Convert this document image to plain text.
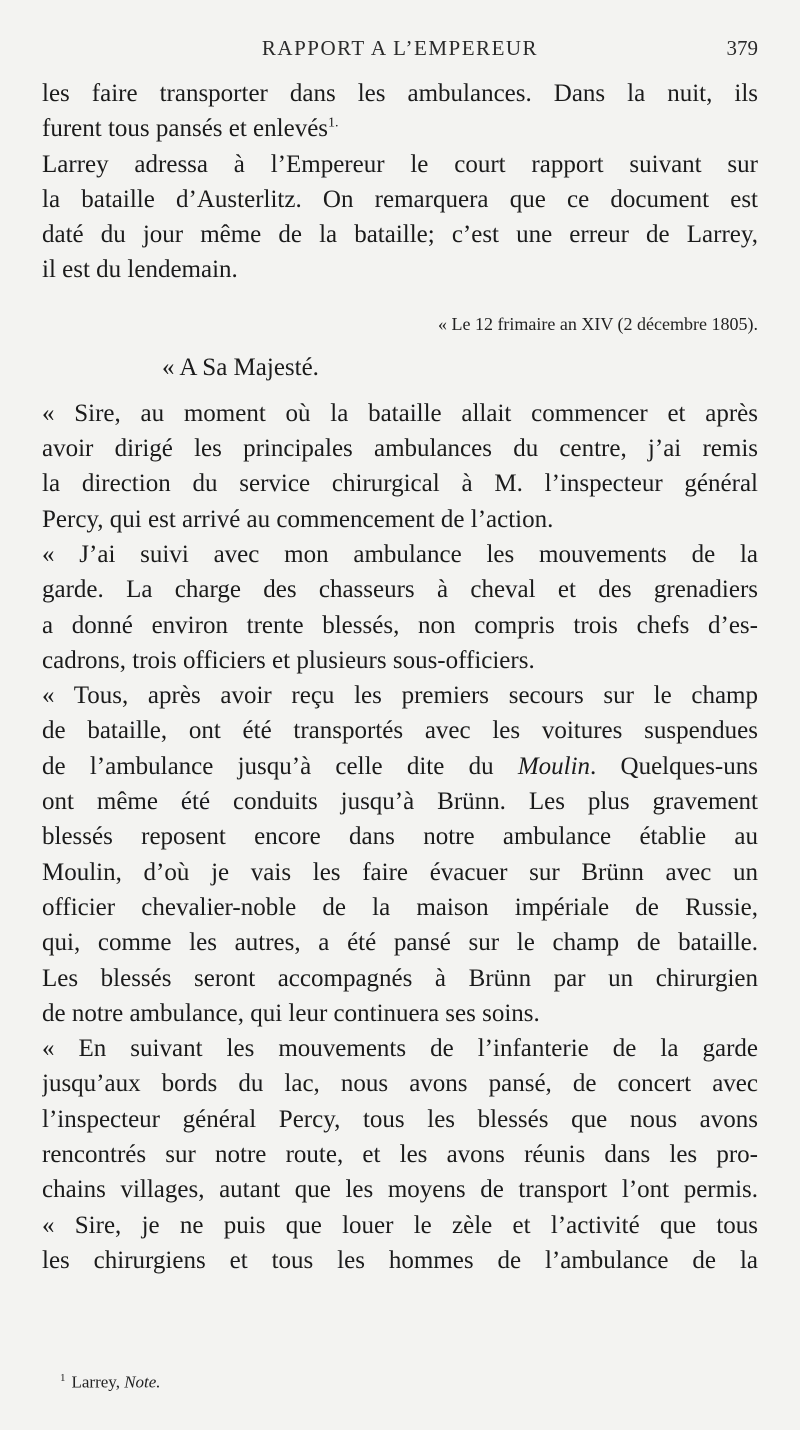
RAPPORT A L’EMPEREUR	379
les faire transporter dans les ambulances. Dans la nuit, ils
furent tous pansés et enlevés$^{1.}$
Larrey adressa à l’Empereur le court rapport suivant sur
la bataille d’Austerlitz. On remarquera que ce document est
daté du jour même de la bataille; c’est une erreur de Larrey,
il est du lendemain.
« Le 12 frimaire an XIV (2 décembre 1805).
« A Sa Majesté.
« Sire, au moment où la bataille allait commencer et après
avoir dirigé les principales ambulances du centre, j’ai remis
la direction du service chirurgical à M. l’inspecteur général
Percy, qui est arrivé au commencement de l’action.
« J’ai suivi avec mon ambulance les mouvements de la
garde. La charge des chasseurs à cheval et des grenadiers
a donné environ trente blessés, non compris trois chefs d’es-
cadrons, trois officiers et plusieurs sous-officiers.
« Tous, après avoir reçu les premiers secours sur le champ
de bataille, ont été transportés avec les voitures suspendues
de l’ambulance jusqu’à celle dite du Moulin. Quelques-uns
ont même été conduits jusqu’à Brünn. Les plus gravement
blessés reposent encore dans notre ambulance établie au
Moulin, d’où je vais les faire évacuer sur Brünn avec un
officier chevalier-noble de la maison impériale de Russie,
qui, comme les autres, a été pansé sur le champ de bataille.
Les blessés seront accompagnés à Brünn par un chirurgien
de notre ambulance, qui leur continuera ses soins.
« En suivant les mouvements de l’infanterie de la garde
jusqu’aux bords du lac, nous avons pansé, de concert avec
l’inspecteur général Percy, tous les blessés que nous avons
rencontrés sur notre route, et les avons réunis dans les pro-
chains villages, autant que les moyens de transport l’ont permis.
« Sire, je ne puis que louer le zèle et l’activité que tous
les chirurgiens et tous les hommes de l’ambulance de la
$^1$ Larrey, Note.
